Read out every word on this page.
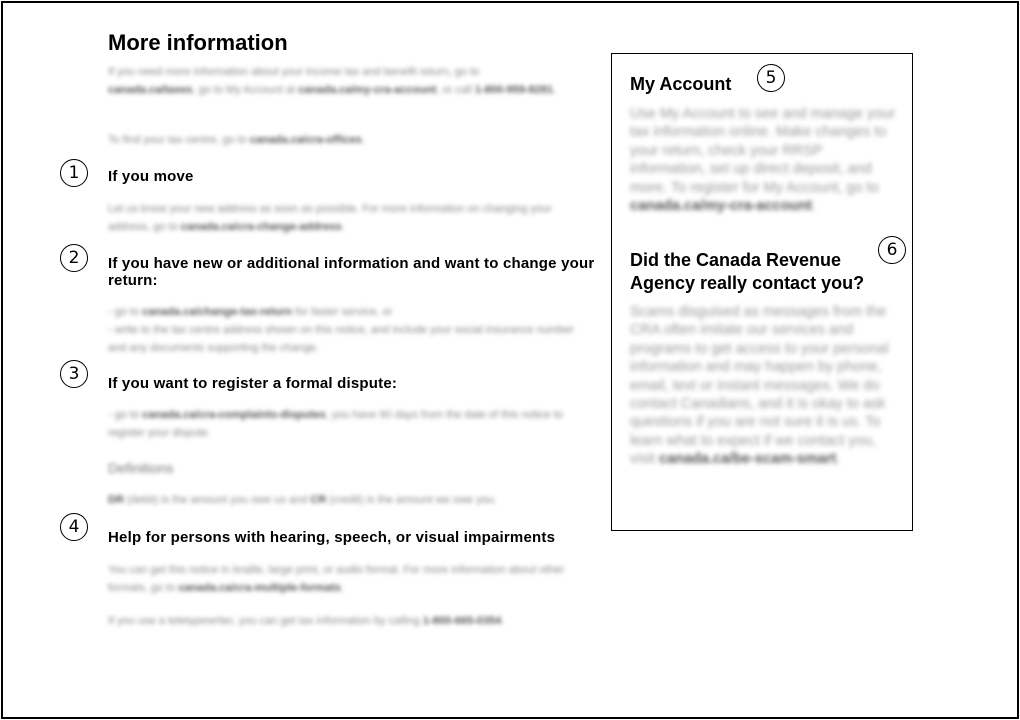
More information

If you need more information about your income tax and benefit return, go to canada.ca/taxes, go to My Account at canada.ca/my-cra-account, or call 1-800-959-8281.

To find your tax centre, go to canada.ca/cra-offices.

1	If you move

Let us know your new address as soon as possible. For more information on changing your address, go to canada.ca/cra-change-address.

2	If you have new or additional information and want to change your return:

- go to canada.ca/change-tax-return for faster service, or
- write to the tax centre address shown on this notice, and include your social insurance number and any documents supporting the change.

3	If you want to register a formal dispute:

- go to canada.ca/cra-complaints-disputes, you have 90 days from the date of this notice to register your dispute.

Definitions

DR (debit) is the amount you owe us and CR (credit) is the amount we owe you.

4
Help for persons with hearing, speech, or visual impairments

You can get this notice in braille, large print, or audio format. For more information about other formats, go to canada.ca/cra-multiple-formats.

If you use a teletypewriter, you can get tax information by calling 1-800-665-0354.

My Account

Use My Account to see and manage your tax information online. Make changes to your return, check your RRSP information, set up direct deposit, and more. To register for My Account, go to canada.ca/my-cra-account.

Did the Canada Revenue Agency really contact you?

Scams disguised as messages from the CRA often imitate our services and programs to get access to your personal information and may happen by phone, email, text or instant messages. We do contact Canadians, and it is okay to ask questions if you are not sure it is us. To learn what to expect if we contact you, visit canada.ca/be-scam-smart.

5
6
